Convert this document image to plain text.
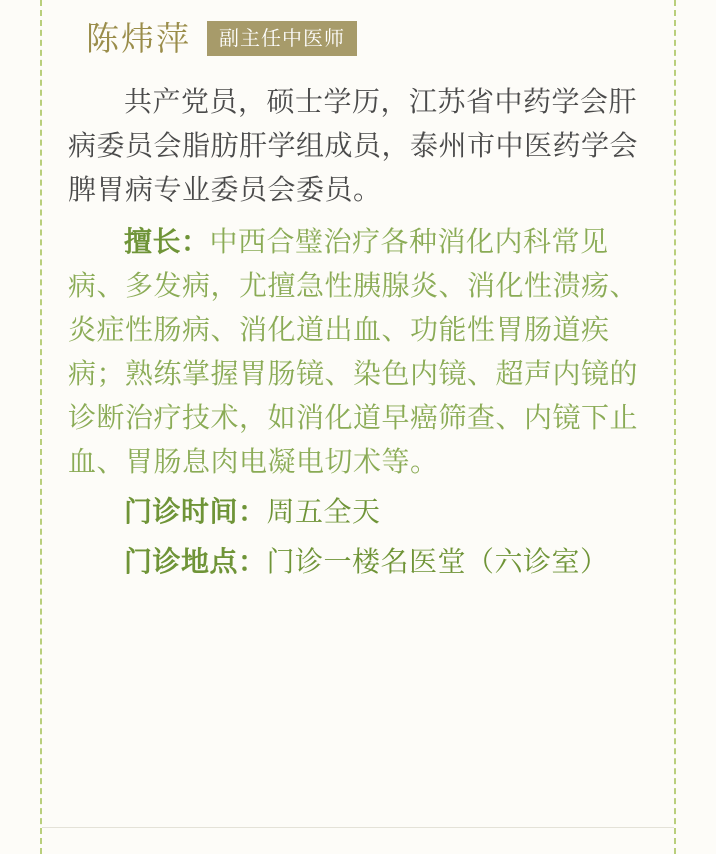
陈炜萍	副主任中医师

共产党员，硕士学历，江苏省中药学会肝病委员会脂肪肝学组成员，泰州市中医药学会脾胃病专业委员会委员。

擅长：中西合璧治疗各种消化内科常见病、多发病，尤擅急性胰腺炎、消化性溃疡、炎症性肠病、消化道出血、功能性胃肠道疾病；熟练掌握胃肠镜、染色内镜、超声内镜的诊断治疗技术，如消化道早癌筛查、内镜下止血、胃肠息肉电凝电切术等。

门诊时间：周五全天

门诊地点：门诊一楼名医堂（六诊室）
